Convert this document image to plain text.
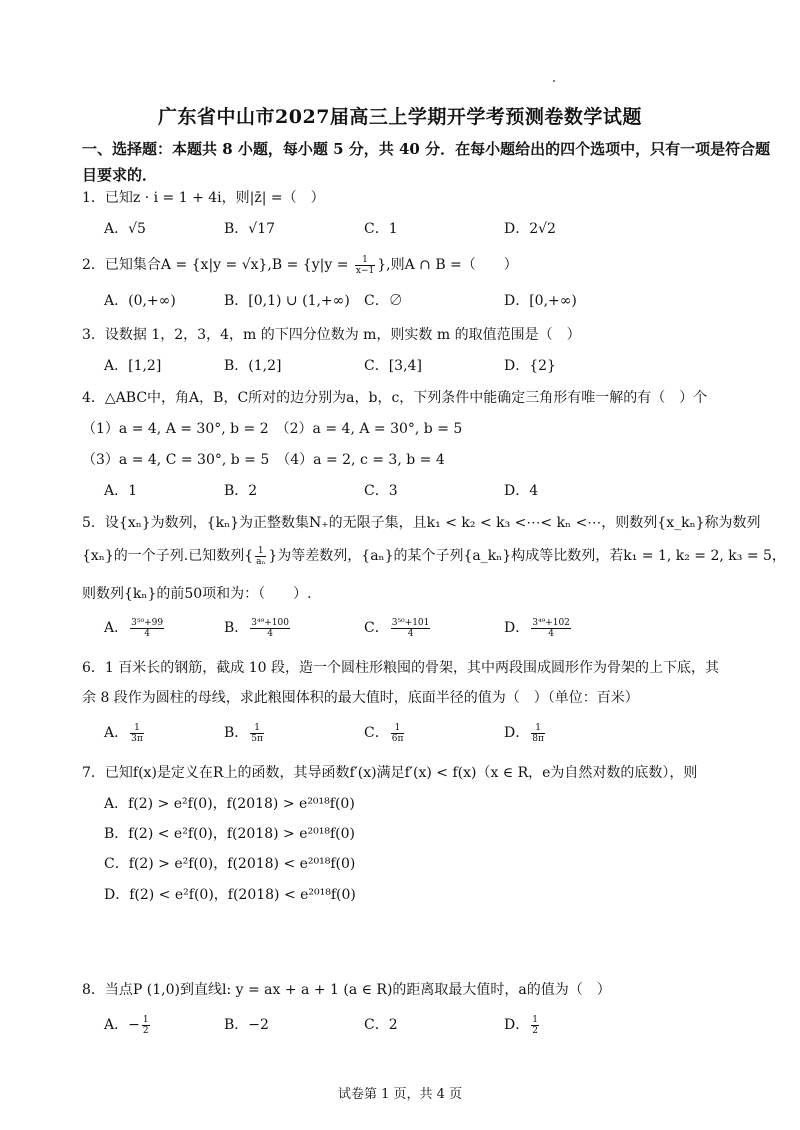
广东省中山市2027届高三上学期开学考预测卷数学试题
一、选择题：本题共 8 小题，每小题 5 分，共 40 分．在每小题给出的四个选项中，只有一项是符合题目要求的．
1．已知z · i = 1 + 4i，则|z̄| =（　）
A．√5	B．√17	C．1	D．2√2
2．已知集合$A = \{x|y = √x\},B = \{y|y = \frac{1}{x-1}$ },则A ∩ B =（　　）
A．(0,+∞)	B．[0,1) ∪ (1,+∞) C．∅	D．[0,+∞)
3．设数据 1，2，3，4，m 的下四分位数为 m，则实数 m 的取值范围是（　）
A．[1,2]	B．(1,2]	C．[3,4]	D．{2}
4．△ABC中，角A，B，C所对的边分别为a，b，c，下列条件中能确定三角形有唯一解的有（　）个
（1）a = 4, A = 30°, b = 2　（2）a = 4, A = 30°, b = 5
（3）a = 4, C = 30°, b = 5　（4）a = 2, c = 3, b = 4
A．1	B．2	C．3	D．4
5．设{xₙ}为数列，{kₙ}为正整数集N₊的无限子集，且k₁ < k₂ < k₃ <⋯< kₙ <⋯，则数列{x_kₙ}称为数列
{xₙ}的一个子列.已知数列{ $\frac{1}{\text{aₙ}}$ }为等差数列，{aₙ}的某个子列{a_kₙ}构成等比数列，若k₁ = 1, k₂ = 2, k₃ = 5，
则数列{kₙ}的前50项和为：（　　）.
A． $\frac{\text{3⁵⁰+99}}{4}$	B． $\frac{\text{3⁴⁹+100}}{4}$	C． $\frac{\text{3⁵⁰+101}}{4}$	D． $\frac{\text{3⁴⁹+102}}{4}$
6．1 百米长的钢筋，截成 10 段，造一个圆柱形粮囤的骨架，其中两段围成圆形作为骨架的上下底，其
余 8 段作为圆柱的母线，求此粮囤体积的最大值时，底面半径的值为（　）（单位：百米）
A． $\frac{1}{3\pi}$	B． $\frac{1}{5\pi}$	C． $\frac{1}{6\pi}$	D． $\frac{1}{8\pi}$
7．已知f(x)是定义在R上的函数，其导函数f′(x)满足f′(x) < f(x)（x ∈ R，e为自然对数的底数），则
A．f(2) > e²f(0)，f(2018) > e²⁰¹⁸f(0)
B．f(2) < e²f(0)，f(2018) > e²⁰¹⁸f(0)
C．f(2) > e²f(0)，f(2018) < e²⁰¹⁸f(0)
D．f(2) < e²f(0)，f(2018) < e²⁰¹⁸f(0)
8．当点P (1,0)到直线l: y = ax + a + 1 (a ∈ R)的距离取最大值时，a的值为（　）
A．− $\frac{1}{2}$	B．−2	C．2	D． $\frac{1}{2}$
试卷第 1 页，共 4 页
